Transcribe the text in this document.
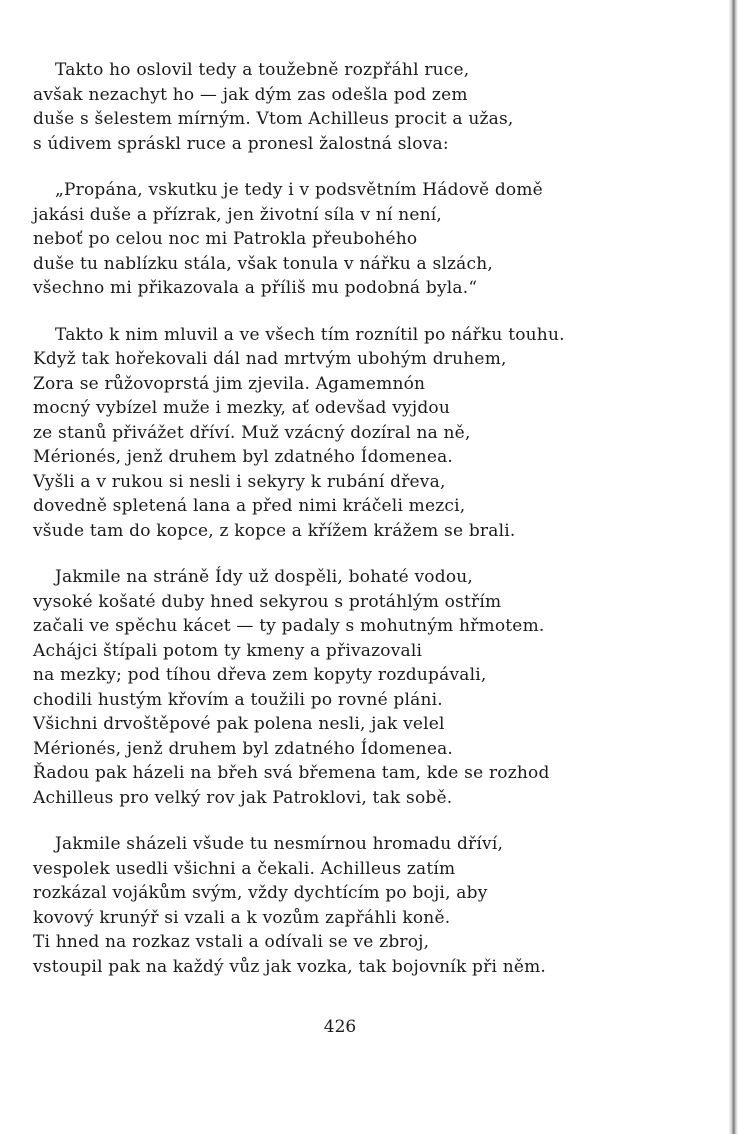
Takto ho oslovil tedy a toužebně rozpřáhl ruce,
avšak nezachyt ho — jak dým zas odešla pod zem
duše s šelestem mírným. Vtom Achilleus procit a užas,
s údivem spráskl ruce a pronesl žalostná slova:
„Propána, vskutku je tedy i v podsvětním Hádově domě
jakási duše a přízrak, jen životní síla v ní není,
neboť po celou noc mi Patrokla přeubohého
duše tu nablízku stála, však tonula v nářku a slzách,
všechno mi přikazovala a příliš mu podobná byla.“
Takto k nim mluvil a ve všech tím roznítil po nářku touhu.
Když tak hořekovali dál nad mrtvým ubohým druhem,
Zora se růžovoprstá jim zjevila. Agamemnón
mocný vybízel muže i mezky, ať odevšad vyjdou
ze stanů přivážet dříví. Muž vzácný dozíral na ně,
Mérionés, jenž druhem byl zdatného Ídomenea.
Vyšli a v rukou si nesli i sekyry k rubání dřeva,
dovedně spletená lana a před nimi kráčeli mezci,
všude tam do kopce, z kopce a křížem krážem se brali.
Jakmile na stráně Ídy už dospěli, bohaté vodou,
vysoké košaté duby hned sekyrou s protáhlým ostřím
začali ve spěchu kácet — ty padaly s mohutným hřmotem.
Achájci štípali potom ty kmeny a přivazovali
na mezky; pod tíhou dřeva zem kopyty rozdupávali,
chodili hustým křovím a toužili po rovné pláni.
Všichni drvoštěpové pak polena nesli, jak velel
Mérionés, jenž druhem byl zdatného Ídomenea.
Řadou pak házeli na břeh svá břemena tam, kde se rozhod
Achilleus pro velký rov jak Patroklovi, tak sobě.
Jakmile sházeli všude tu nesmírnou hromadu dříví,
vespolek usedli všichni a čekali. Achilleus zatím
rozkázal vojákům svým, vždy dychtícím po boji, aby
kovový krunýř si vzali a k vozům zapřáhli koně.
Ti hned na rozkaz vstali a odívali se ve zbroj,
vstoupil pak na každý vůz jak vozka, tak bojovník při něm.
426
